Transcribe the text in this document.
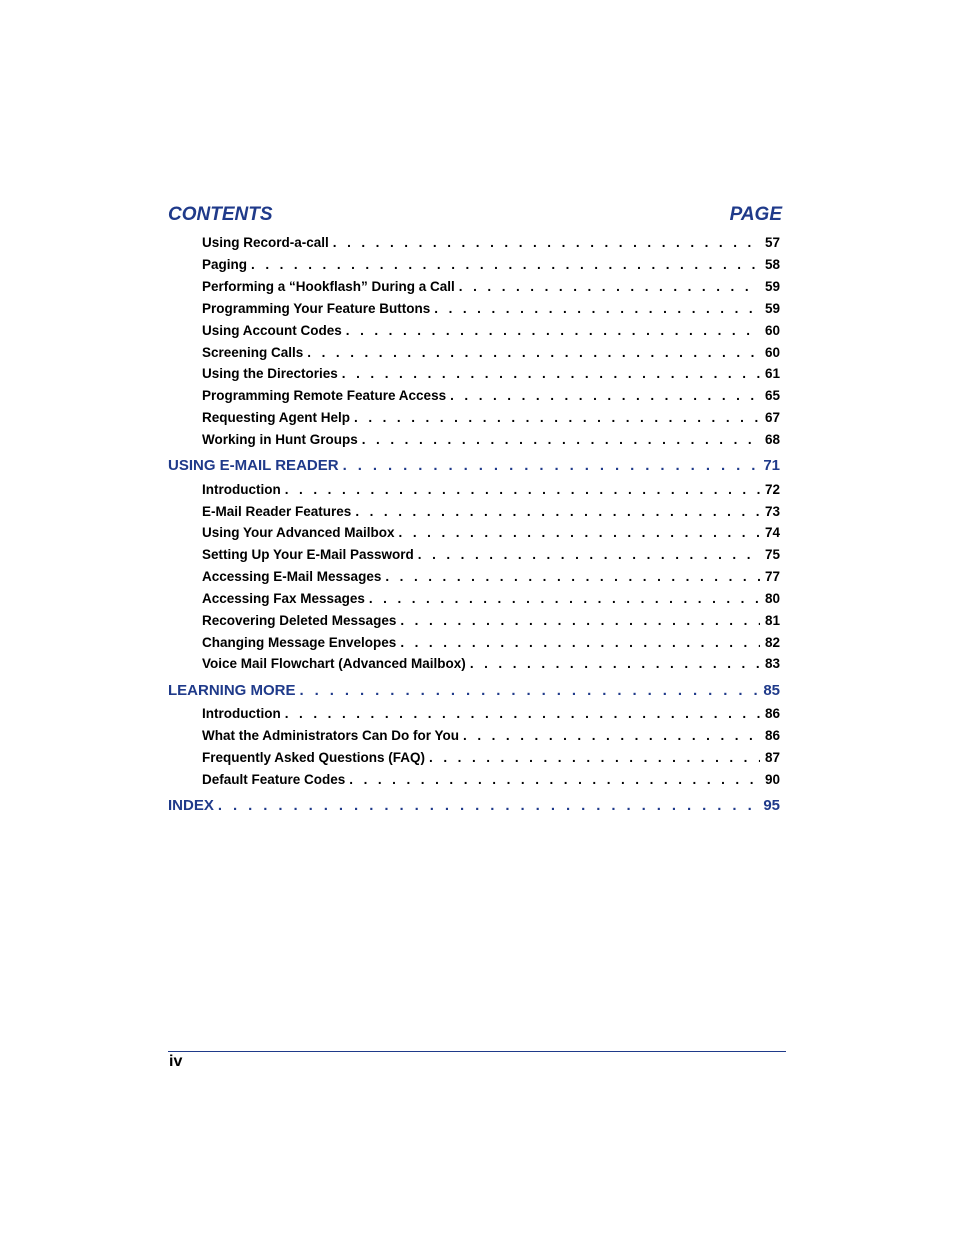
CONTENTS	PAGE
Using Record-a-call . . .	57
Paging . . .	58
Performing a “Hookflash” During a Call . . .	59
Programming Your Feature Buttons . . .	59
Using Account Codes . . .	60
Screening Calls . . .	60
Using the Directories . . .	61
Programming Remote Feature Access . . .	65
Requesting Agent Help . . .	67
Working in Hunt Groups . . .	68
USING E-MAIL READER . . .	71
Introduction . . .	72
E-Mail Reader Features . . .	73
Using Your Advanced Mailbox . . .	74
Setting Up Your E-Mail Password . . .	75
Accessing E-Mail Messages . . .	77
Accessing Fax Messages . . .	80
Recovering Deleted Messages . . .	81
Changing Message Envelopes . . .	82
Voice Mail Flowchart (Advanced Mailbox) . . .	83
LEARNING MORE . . .	85
Introduction . . .	86
What the Administrators Can Do for You . . .	86
Frequently Asked Questions (FAQ) . . .	87
Default Feature Codes . . .	90
INDEX . . .	95
iv
